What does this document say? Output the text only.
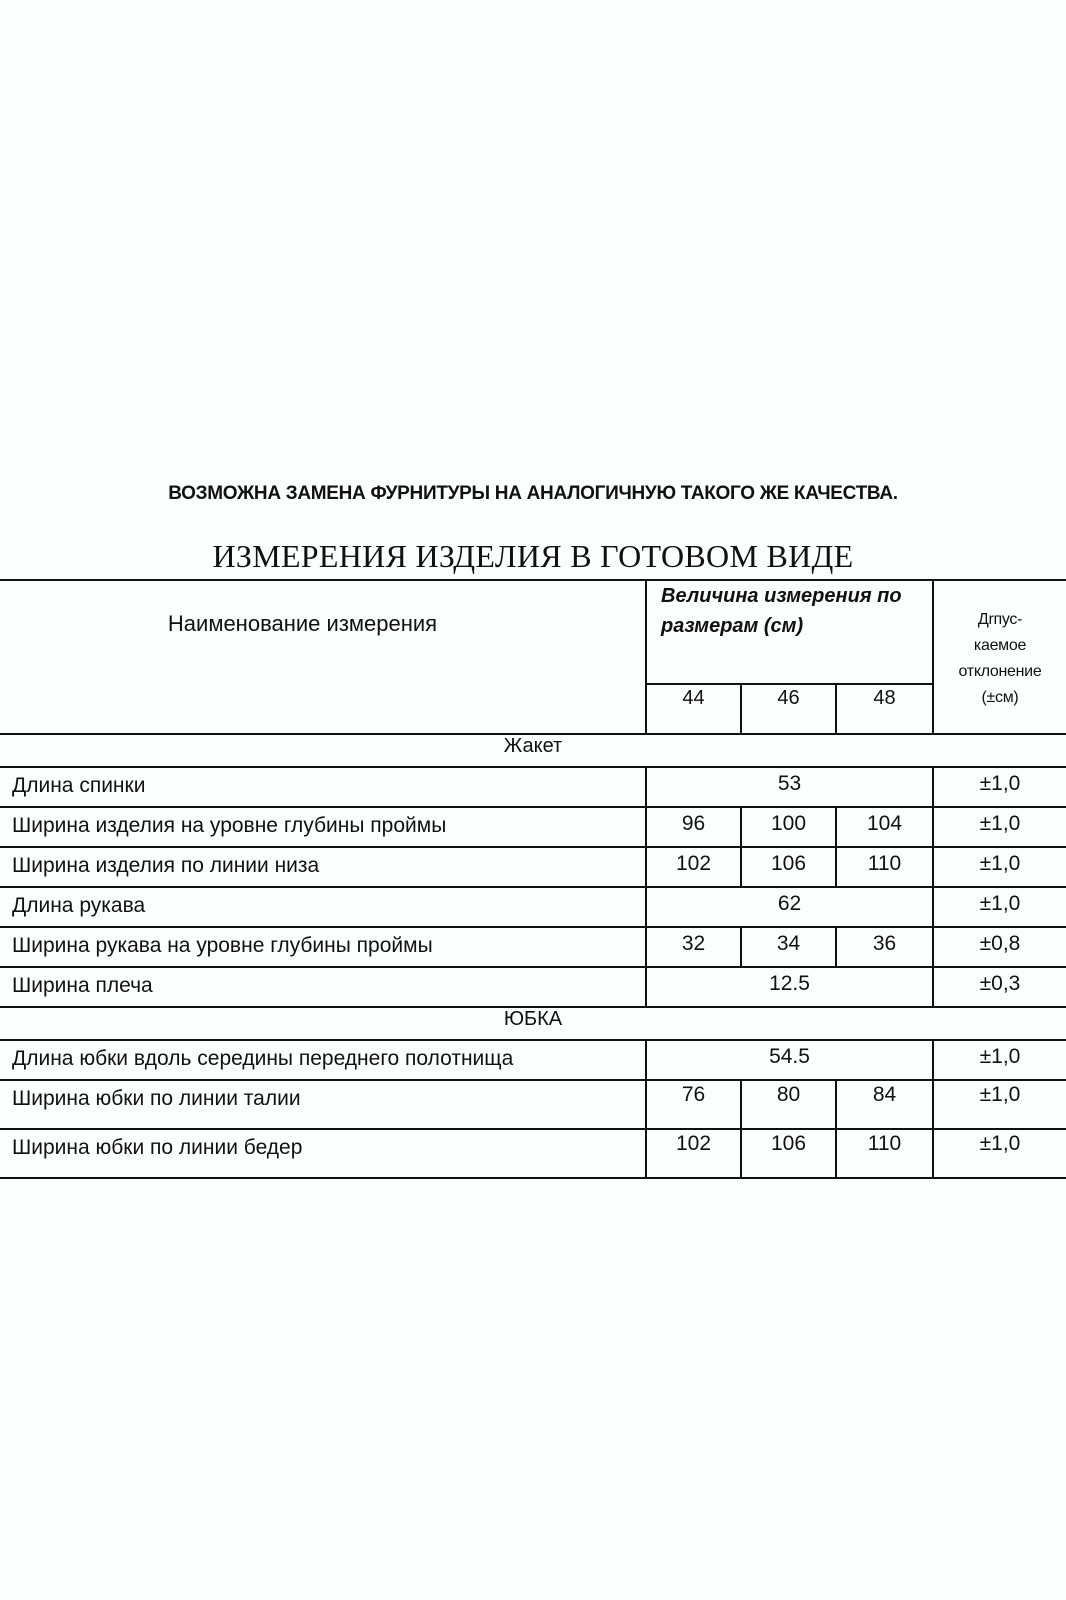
ВОЗМОЖНА ЗАМЕНА ФУРНИТУРЫ НА АНАЛОГИЧНУЮ ТАКОГО ЖЕ КАЧЕСТВА.
ИЗМЕРЕНИЯ ИЗДЕЛИЯ В ГОТОВОМ ВИДЕ
Наименование измерения	Величина измерения по
размерам (см)			Дrпус-
каемое
отклонение
(±см)
	44	46	48	
Жакет				
Длина спинки	53			±1,0
Ширина изделия на уровне глубины проймы	96	100	104	±1,0
Ширина изделия по линии низа	102	106	110	±1,0
Длина рукава	62			±1,0
Ширина рукава на уровне глубины проймы	32	34	36	±0,8
Ширина плеча	12.5			±0,3
ЮБКА				
Длина юбки вдоль середины переднего полотнища	54.5			±1,0
Ширина юбки по линии талии	76	80	84	±1,0
Ширина юбки по линии бедер	102	106	110	±1,0
